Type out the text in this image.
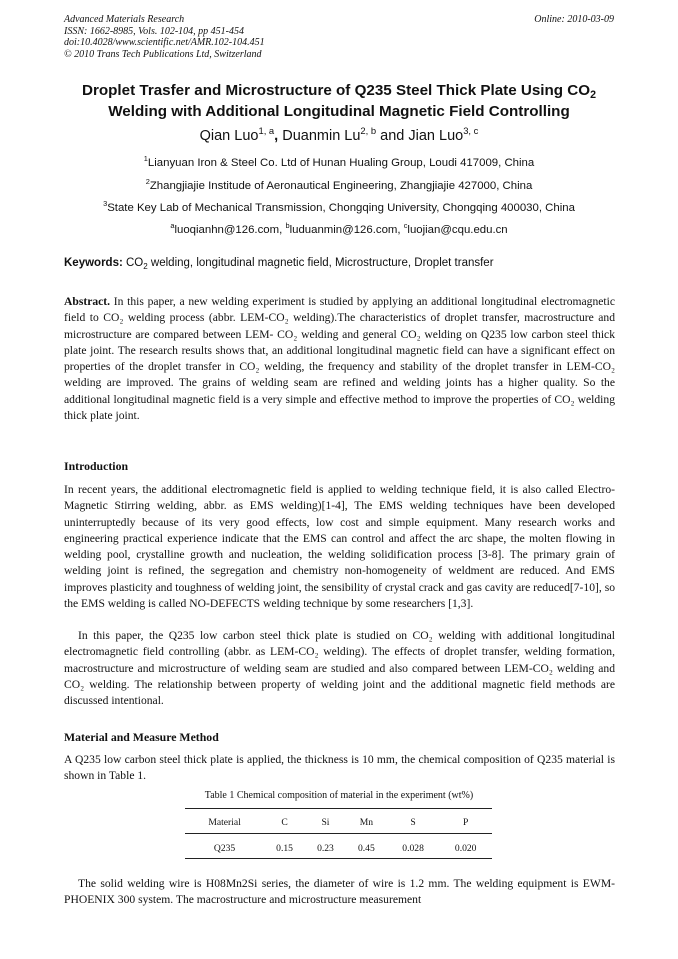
Advanced Materials Research
ISSN: 1662-8985, Vols. 102-104, pp 451-454
doi:10.4028/www.scientific.net/AMR.102-104.451
© 2010 Trans Tech Publications Ltd, Switzerland
Online: 2010-03-09
Droplet Trasfer and Microstructure of Q235 Steel Thick Plate Using CO2
Welding with Additional Longitudinal Magnetic Field Controlling
Qian Luo$^{1, a}$, Duanmin Lu$^{2, b}$ and Jian Luo$^{3, c}$
$^1$Lianyuan Iron & Steel Co. Ltd of Hunan Hualing Group, Loudi 417009, China
$^2$Zhangjiajie Institude of Aeronautical Engineering, Zhangjiajie 427000, China
$^3$State Key Lab of Mechanical Transmission, Chongqing University, Chongqing 400030, China
$^a$luoqianhn@126.com, $^b$luduanmin@126.com, $^c$luojian@cqu.edu.cn
Keywords: $CO_2$ welding, longitudinal magnetic field, Microstructure, Droplet transfer
Abstract. In this paper, a new welding experiment is studied by applying an additional longitudinal electromagnetic field to CO₂ welding process (abbr. LEM-CO₂ welding).The characteristics of droplet transfer, macrostructure and microstructure are compared between LEM- CO₂ welding and general CO₂ welding on Q235 low carbon steel thick plate joint. The research results shows that, an additional longitudinal magnetic field can have a significant effect on properties of the droplet transfer in CO₂ welding, the frequency and stability of the droplet transfer in LEM-CO₂ welding are improved. The grains of welding seam are refined and welding joints has a higher quality. So the additional longitudinal magnetic field is a very simple and effective method to improve the properties of CO₂ welding thick plate joint.
Introduction
In recent years, the additional electromagnetic field is applied to welding technique field, it is also called Electro-Magnetic Stirring welding, abbr. as EMS welding)[1-4], The EMS welding techniques have been developed uninterruptedly because of its very good effects, low cost and simple equipment. Many research works and engineering practical experience indicate that the EMS can control and affect the arc shape, the molten flowing in welding pool, crystalline growth and nucleation, the welding solidification process [3-8]. The primary grain of welding joint is refined, the segregation and chemistry non-homogeneity of weldment are reduced. And EMS improves plasticity and toughness of welding joint, the sensibility of crystal crack and gas cavity are reduced[7-10], so the EMS welding is called NO-DEFECTS welding technique by some researchers [1,3].
In this paper, the Q235 low carbon steel thick plate is studied on CO₂ welding with additional longitudinal electromagnetic field controlling (abbr. as LEM-CO₂ welding). The effects of droplet transfer, welding formation, macrostructure and microstructure of welding seam are studied and also compared between LEM-CO₂ welding and CO₂ welding. The relationship between property of welding joint and the additional magnetic field methods are discussed intentional.
Material and Measure Method
A Q235 low carbon steel thick plate is applied, the thickness is 10 mm, the chemical composition of Q235 material is shown in Table 1.
Table 1 Chemical composition of material in the experiment (wt%)
Material	C	Si	Mn	S	P
Q235	0.15	0.23	0.45	0.028	0.020
The solid welding wire is H08Mn2Si series, the diameter of wire is 1.2 mm. The welding equipment is EWM-PHOENIX 300 system. The macrostructure and microstructure measurement
